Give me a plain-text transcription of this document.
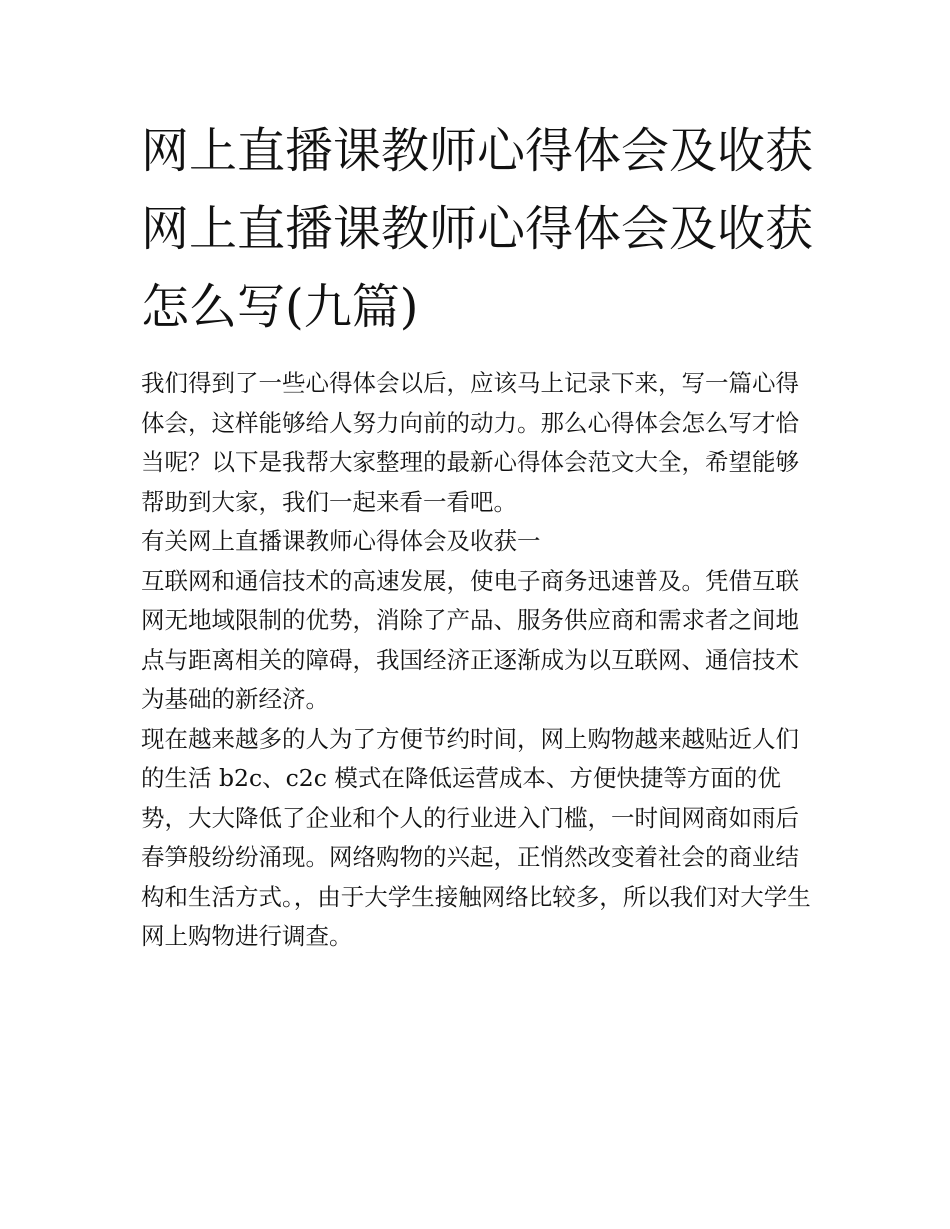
网上直播课教师心得体会及收获 网上直播课教师心得体会及收获怎么写(九篇)

我们得到了一些心得体会以后，应该马上记录下来，写一篇心得体会，这样能够给人努力向前的动力。那么心得体会怎么写才恰当呢？以下是我帮大家整理的最新心得体会范文大全，希望能够帮助到大家，我们一起来看一看吧。

有关网上直播课教师心得体会及收获一

互联网和通信技术的高速发展，使电子商务迅速普及。凭借互联网无地域限制的优势，消除了产品、服务供应商和需求者之间地点与距离相关的障碍，我国经济正逐渐成为以互联网、通信技术为基础的新经济。

现在越来越多的人为了方便节约时间，网上购物越来越贴近人们的生活 b2c、c2c 模式在降低运营成本、方便快捷等方面的优势，大大降低了企业和个人的行业进入门槛，一时间网商如雨后春笋般纷纷涌现。网络购物的兴起，正悄然改变着社会的商业结构和生活方式。，由于大学生接触网络比较多，所以我们对大学生网上购物进行调查。
